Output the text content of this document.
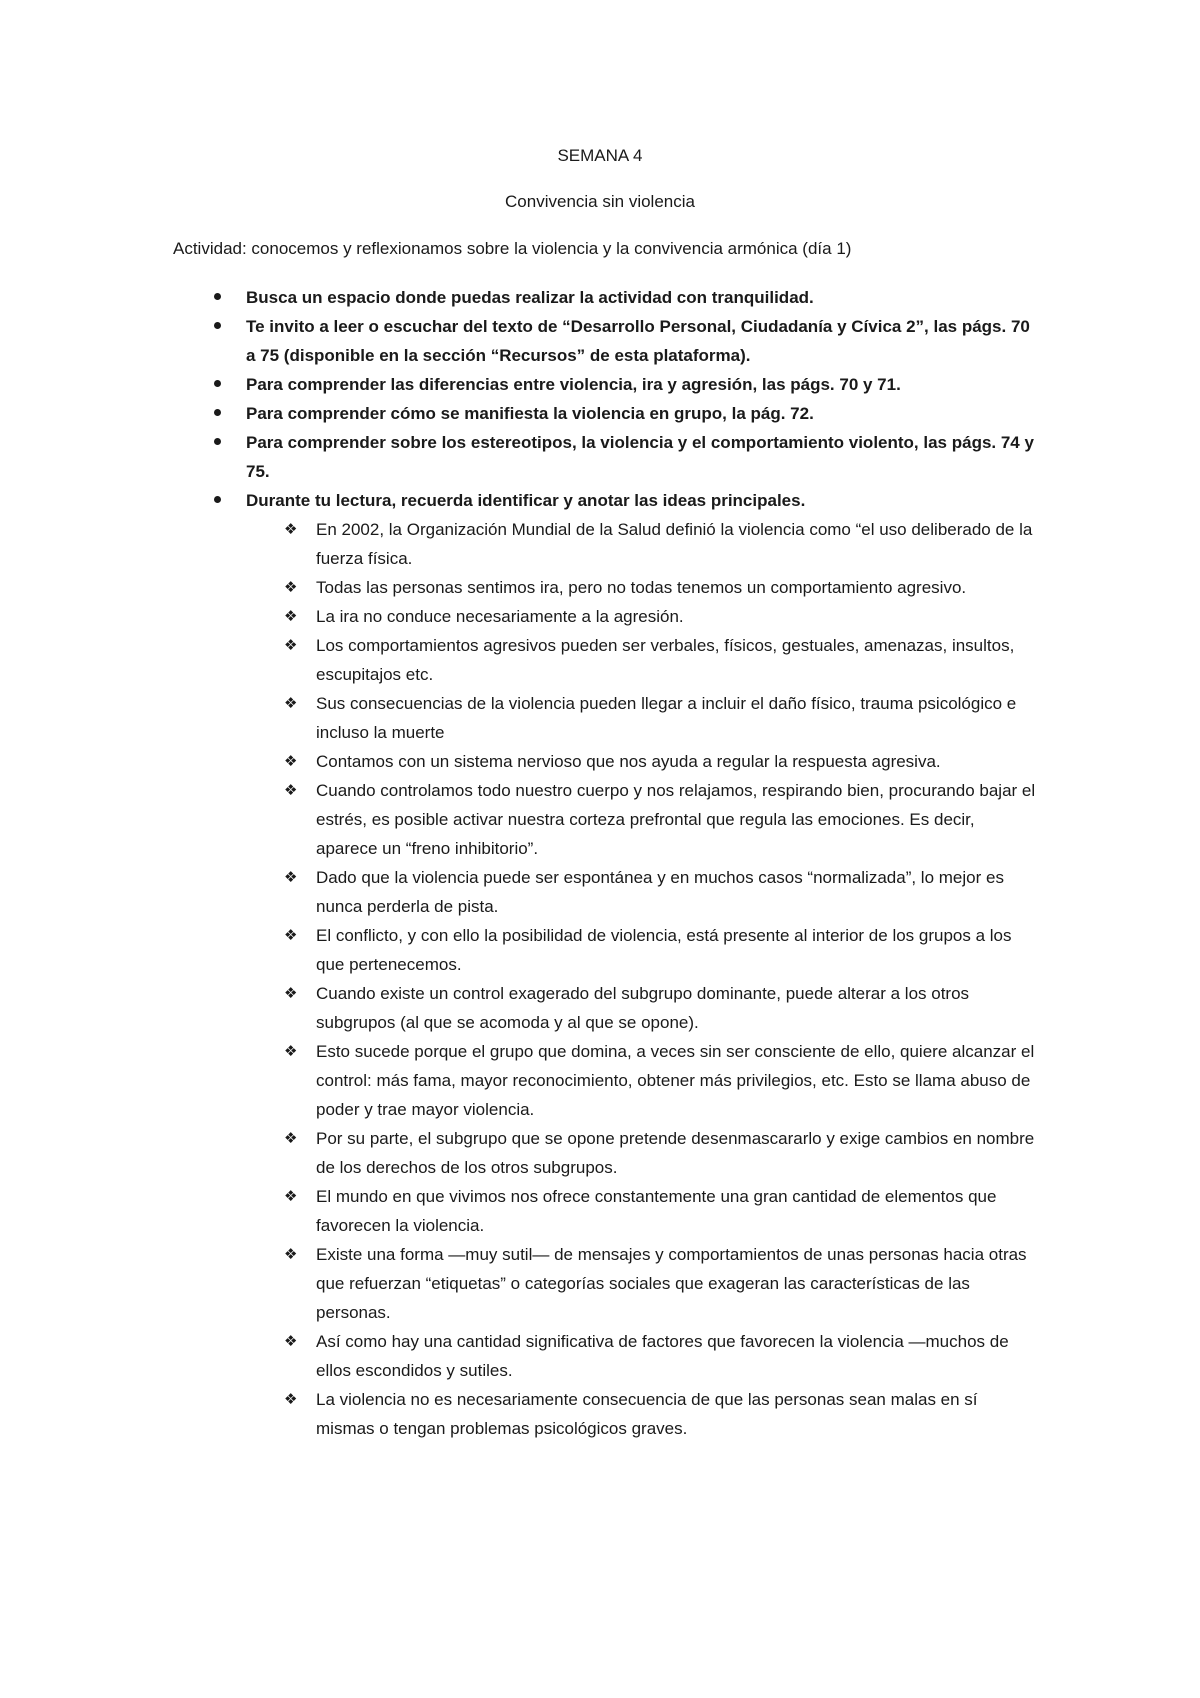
SEMANA 4
Convivencia sin violencia
Actividad: conocemos y reflexionamos sobre la violencia y la convivencia armónica (día 1)
Busca un espacio donde puedas realizar la actividad con tranquilidad.
Te invito a leer o escuchar del texto de “Desarrollo Personal, Ciudadanía y Cívica 2”, las págs. 70 a 75 (disponible en la sección “Recursos” de esta plataforma).
Para comprender las diferencias entre violencia, ira y agresión, las págs. 70 y 71.
Para comprender cómo se manifiesta la violencia en grupo, la pág. 72.
Para comprender sobre los estereotipos, la violencia y el comportamiento violento, las págs. 74 y 75.
Durante tu lectura, recuerda identificar y anotar las ideas principales.
❖ En 2002, la Organización Mundial de la Salud definió la violencia como “el uso deliberado de la fuerza física.
❖ Todas las personas sentimos ira, pero no todas tenemos un comportamiento agresivo.
❖ La ira no conduce necesariamente a la agresión.
❖ Los comportamientos agresivos pueden ser verbales, físicos, gestuales, amenazas, insultos, escupitajos etc.
❖ Sus consecuencias de la violencia pueden llegar a incluir el daño físico, trauma psicológico e incluso la muerte
❖ Contamos con un sistema nervioso que nos ayuda a regular la respuesta agresiva.
❖ Cuando controlamos todo nuestro cuerpo y nos relajamos, respirando bien, procurando bajar el estrés, es posible activar nuestra corteza prefrontal que regula las emociones. Es decir, aparece un “freno inhibitorio”.
❖ Dado que la violencia puede ser espontánea y en muchos casos “normalizada”, lo mejor es nunca perderla de pista.
❖ El conflicto, y con ello la posibilidad de violencia, está presente al interior de los grupos a los que pertenecemos.
❖ Cuando existe un control exagerado del subgrupo dominante, puede alterar a los otros subgrupos (al que se acomoda y al que se opone).
❖ Esto sucede porque el grupo que domina, a veces sin ser consciente de ello, quiere alcanzar el control: más fama, mayor reconocimiento, obtener más privilegios, etc. Esto se llama abuso de poder y trae mayor violencia.
❖ Por su parte, el subgrupo que se opone pretende desenmascararlo y exige cambios en nombre de los derechos de los otros subgrupos.
❖ El mundo en que vivimos nos ofrece constantemente una gran cantidad de elementos que favorecen la violencia.
❖ Existe una forma —muy sutil— de mensajes y comportamientos de unas personas hacia otras que refuerzan “etiquetas” o categorías sociales que exageran las características de las personas.
❖ Así como hay una cantidad significativa de factores que favorecen la violencia —muchos de ellos escondidos y sutiles.
❖ La violencia no es necesariamente consecuencia de que las personas sean malas en sí mismas o tengan problemas psicológicos graves.
